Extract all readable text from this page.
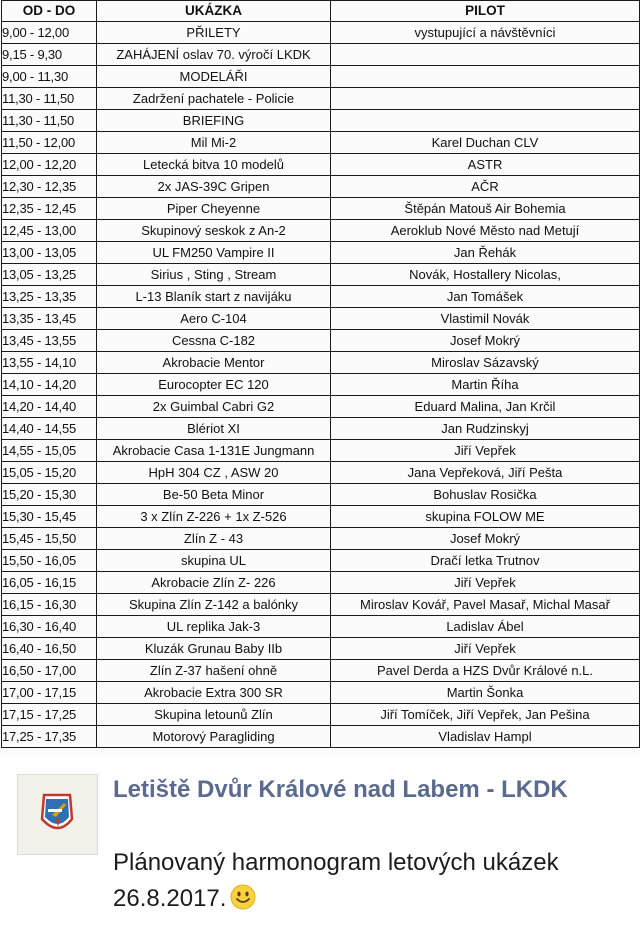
OD - DO	UKÁZKA	PILOT
9,00 - 12,00	PŘILETY	vystupující a návštěvníci
9,15 - 9,30	ZAHÁJENÍ oslav 70. výročí LKDK	
9,00 - 11,30	MODELÁŘI	
11,30 - 11,50	Zadržení pachatele - Policie	
11,30 - 11,50	BRIEFING	
11,50 - 12,00	Mil Mi-2	Karel Duchan CLV
12,00 - 12,20	Letecká bitva 10 modelů	ASTR
12,30 - 12,35	2x JAS-39C Gripen	AČR
12,35 - 12,45	Piper Cheyenne	Štěpán Matouš Air Bohemia
12,45 - 13,00	Skupinový seskok z An-2	Aeroklub Nové Město nad Metují
13,00 - 13,05	UL FM250 Vampire II	Jan Řehák
13,05 - 13,25	Sirius , Sting , Stream	Novák, Hostallery Nicolas,
13,25 - 13,35	L-13 Blaník start z navijáku	Jan Tomášek
13,35 - 13,45	Aero C-104	Vlastimil Novák
13,45 - 13,55	Cessna C-182	Josef Mokrý
13,55 - 14,10	Akrobacie Mentor	Miroslav Sázavský
14,10 - 14,20	Eurocopter EC 120	Martin Říha
14,20 - 14,40	2x Guimbal Cabri G2	Eduard Malina, Jan Krčil
14,40 - 14,55	Blériot XI	Jan Rudzinskyj
14,55 - 15,05	Akrobacie Casa 1-131E Jungmann	Jiří Vepřek
15,05 - 15,20	HpH 304 CZ , ASW 20	Jana Vepřeková, Jiří Pešta
15,20 - 15,30	Be-50 Beta Minor	Bohuslav Rosička
15,30 - 15,45	3 x Zlín Z-226 + 1x Z-526	skupina FOLOW ME
15,45 - 15,50	Zlín Z - 43	Josef Mokrý
15,50 - 16,05	skupina UL	Dračí letka Trutnov
16,05 - 16,15	Akrobacie Zlín Z- 226	Jiří Vepřek
16,15 - 16,30	Skupina Zlín Z-142 a balónky	Miroslav Kovář, Pavel Masař, Michal Masař
16,30 - 16,40	UL replika Jak-3	Ladislav Ábel
16,40 - 16,50	Kluzák Grunau Baby IIb	Jiří Vepřek
16,50 - 17,00	Zlín Z-37 hašení ohně	Pavel Derda a HZS Dvůr Králové n.L.
17,00 - 17,15	Akrobacie Extra 300 SR	Martin Šonka
17,15 - 17,25	Skupina letounů Zlín	Jiří Tomíček, Jiří Vepřek, Jan Pešina
17,25 - 17,35	Motorový Paragliding	Vladislav Hampl
Letiště Dvůr Králové nad Labem - LKDK
Plánovaný harmonogram letových ukázek 26.8.2017.
